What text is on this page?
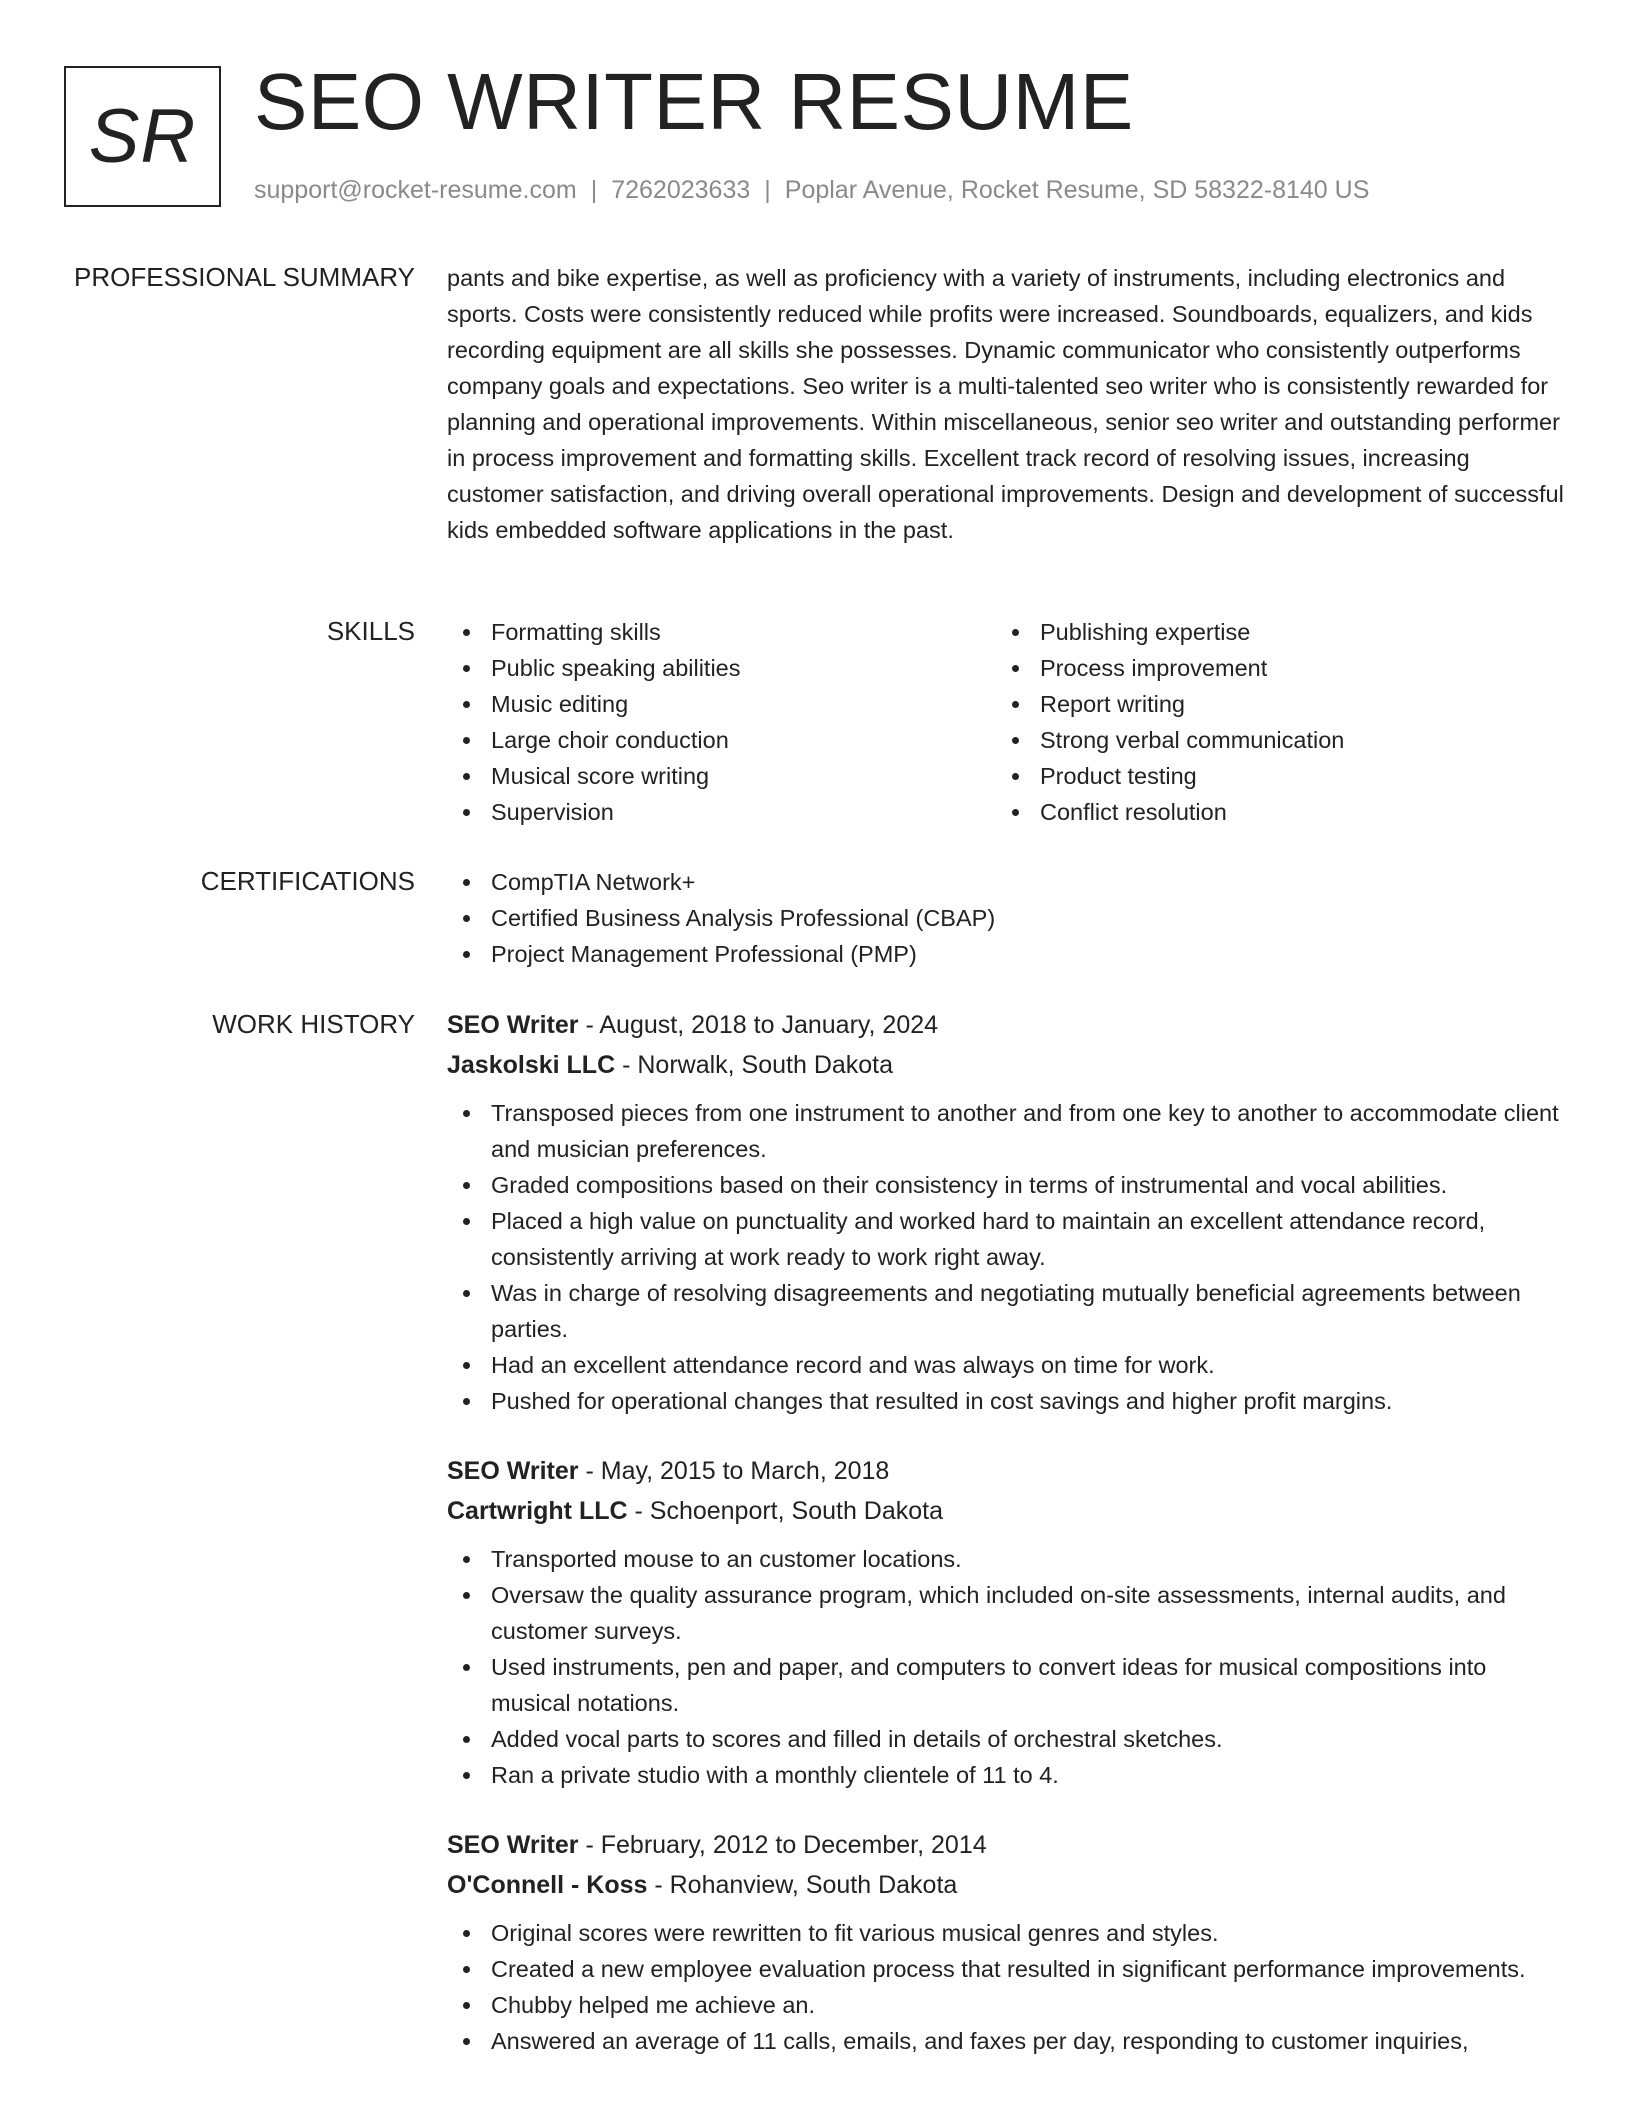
SR SEO WRITER RESUME
support@rocket-resume.com | 7262023633 | Poplar Avenue, Rocket Resume, SD 58322-8140 US
PROFESSIONAL SUMMARY pants and bike expertise, as well as proficiency with a variety of instruments, including electronics and sports. Costs were consistently reduced while profits were increased. Soundboards, equalizers, and kids recording equipment are all skills she possesses. Dynamic communicator who consistently outperforms company goals and expectations. Seo writer is a multi-talented seo writer who is consistently rewarded for planning and operational improvements. Within miscellaneous, senior seo writer and outstanding performer in process improvement and formatting skills. Excellent track record of resolving issues, increasing customer satisfaction, and driving overall operational improvements. Design and development of successful kids embedded software applications in the past.

SKILLS	Formatting skills
Public speaking abilities
Music editing
Large choir conduction
Musical score writing
Supervision
Publishing expertise
Process improvement
Report writing
Strong verbal communication
Product testing
Conflict resolution
CERTIFICATIONS	CompTIA Network+
Certified Business Analysis Professional (CBAP)
Project Management Professional (PMP)
WORK HISTORY SEO Writer - August, 2018 to January, 2024
Jaskolski LLC - Norwalk, South Dakota
Transposed pieces from one instrument to another and from one key to another to accommodate client and musician preferences.
Graded compositions based on their consistency in terms of instrumental and vocal abilities.
Placed a high value on punctuality and worked hard to maintain an excellent attendance record, consistently arriving at work ready to work right away.
Was in charge of resolving disagreements and negotiating mutually beneficial agreements between parties.
Had an excellent attendance record and was always on time for work.
Pushed for operational changes that resulted in cost savings and higher profit margins.
SEO Writer - May, 2015 to March, 2018
Cartwright LLC - Schoenport, South Dakota
Transported mouse to an customer locations.
Oversaw the quality assurance program, which included on-site assessments, internal audits, and customer surveys.
Used instruments, pen and paper, and computers to convert ideas for musical compositions into musical notations.
Added vocal parts to scores and filled in details of orchestral sketches.
Ran a private studio with a monthly clientele of 11 to 4.
SEO Writer - February, 2012 to December, 2014
O'Connell - Koss - Rohanview, South Dakota
Original scores were rewritten to fit various musical genres and styles.
Created a new employee evaluation process that resulted in significant performance improvements.
Chubby helped me achieve an.
Answered an average of 11 calls, emails, and faxes per day, responding to customer inquiries,
